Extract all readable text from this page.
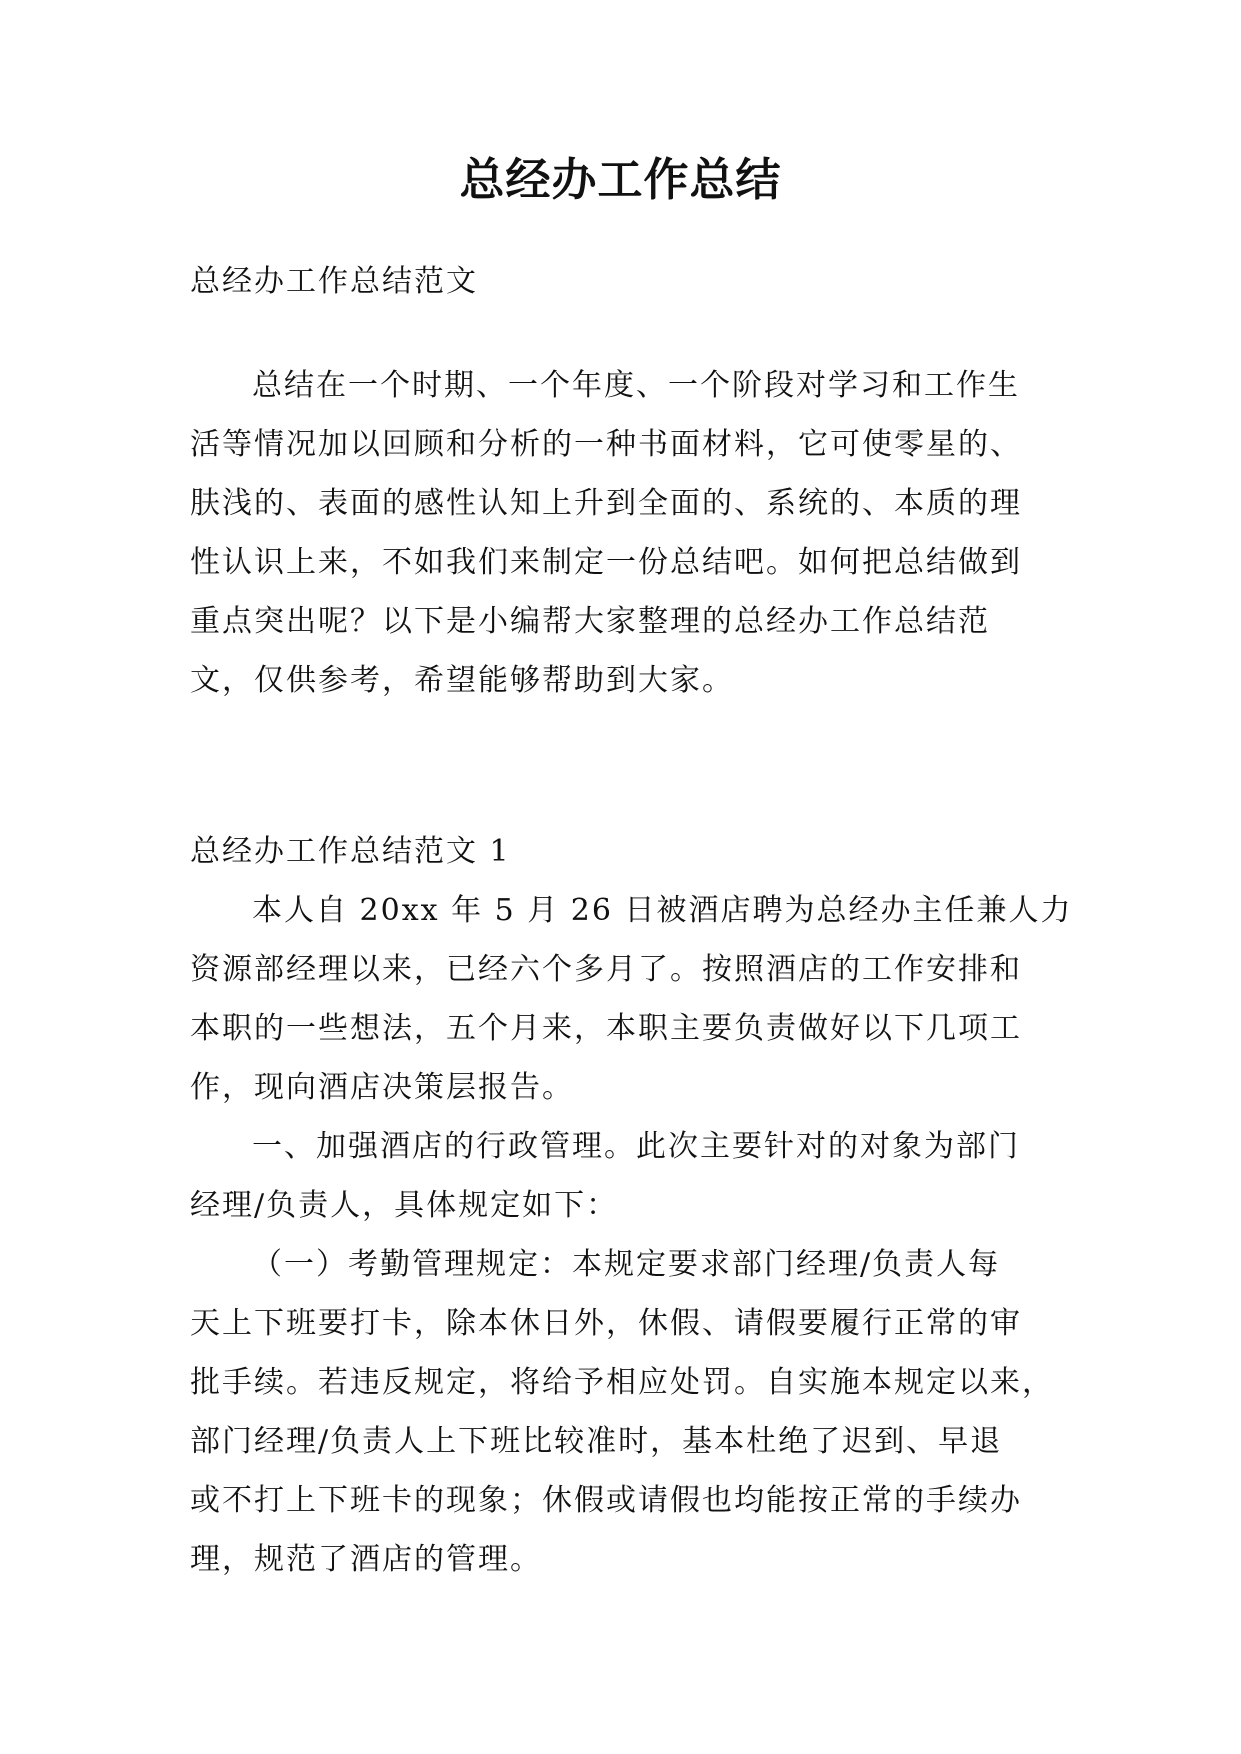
总经办工作总结

总经办工作总结范文

总结在一个时期、一个年度、一个阶段对学习和工作生
活等情况加以回顾和分析的一种书面材料，它可使零星的、
肤浅的、表面的感性认知上升到全面的、系统的、本质的理
性认识上来，不如我们来制定一份总结吧。如何把总结做到
重点突出呢？以下是小编帮大家整理的总经办工作总结范
文，仅供参考，希望能够帮助到大家。

总经办工作总结范文 1

本人自 20xx 年 5 月 26 日被酒店聘为总经办主任兼人力
资源部经理以来，已经六个多月了。按照酒店的工作安排和
本职的一些想法，五个月来，本职主要负责做好以下几项工
作，现向酒店决策层报告。

一、加强酒店的行政管理。此次主要针对的对象为部门
经理/负责人，具体规定如下：

（一）考勤管理规定：本规定要求部门经理/负责人每
天上下班要打卡，除本休日外，休假、请假要履行正常的审
批手续。若违反规定，将给予相应处罚。自实施本规定以来，
部门经理/负责人上下班比较准时，基本杜绝了迟到、早退
或不打上下班卡的现象；休假或请假也均能按正常的手续办
理，规范了酒店的管理。
